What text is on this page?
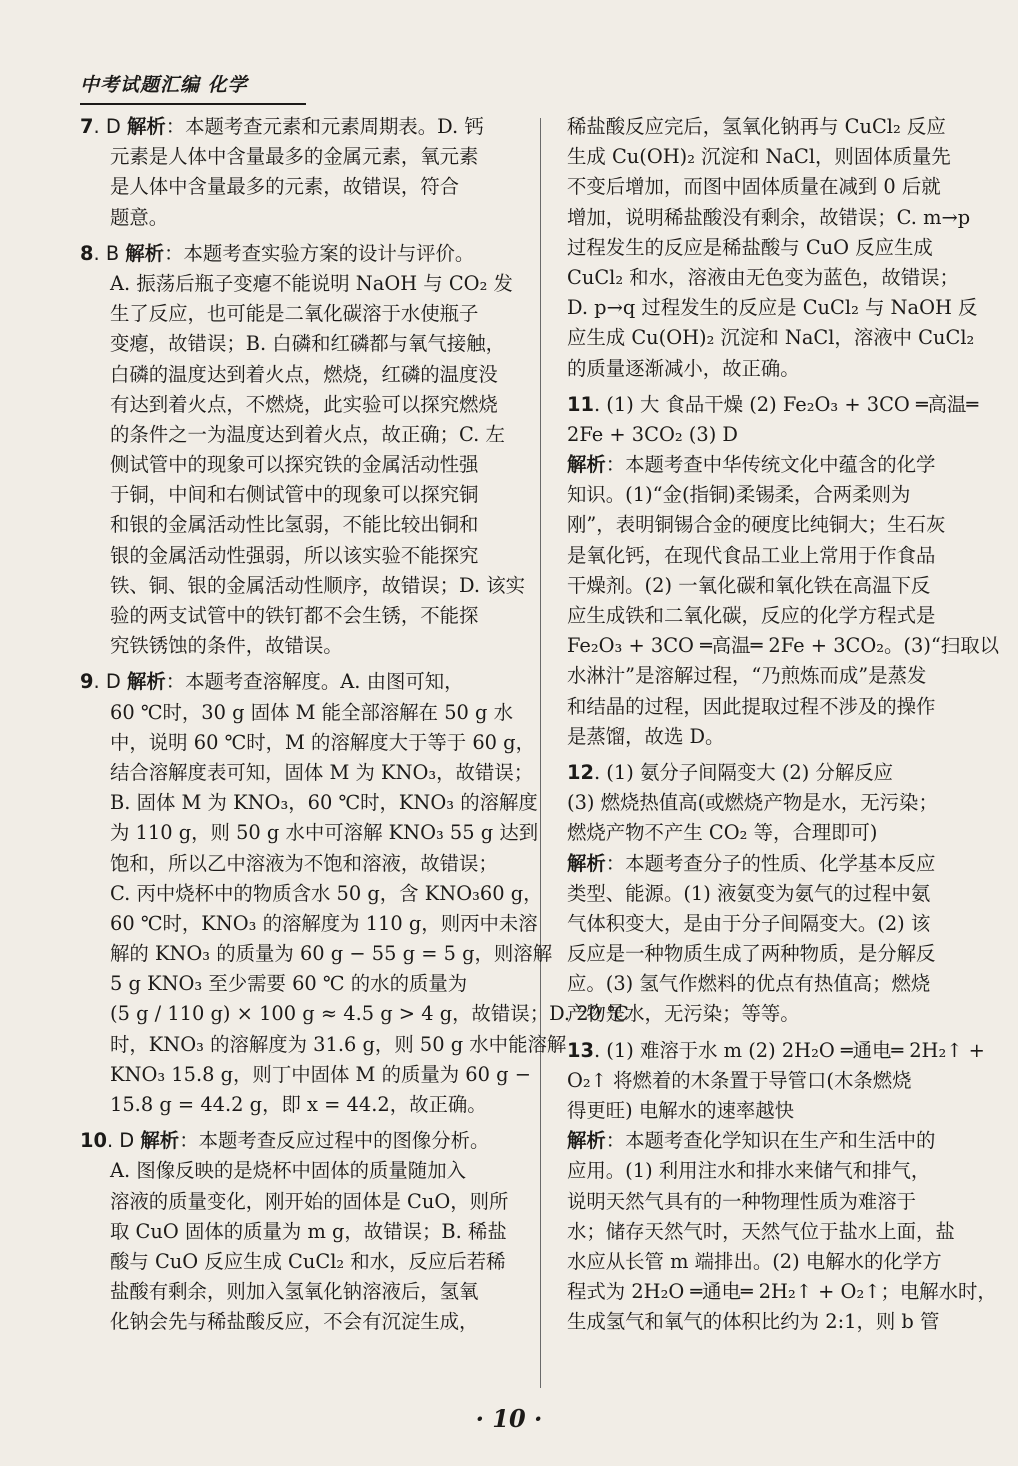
中考试题汇编 化学
7. D 解析：本题考查元素和元素周期表。D. 钙
元素是人体中含量最多的金属元素，氧元素
是人体中含量最多的元素，故错误，符合
题意。
8. B 解析：本题考查实验方案的设计与评价。
A. 振荡后瓶子变瘪不能说明 NaOH 与 CO₂ 发
生了反应，也可能是二氧化碳溶于水使瓶子
变瘪，故错误；B. 白磷和红磷都与氧气接触，
白磷的温度达到着火点，燃烧，红磷的温度没
有达到着火点，不燃烧，此实验可以探究燃烧
的条件之一为温度达到着火点，故正确；C. 左
侧试管中的现象可以探究铁的金属活动性强
于铜，中间和右侧试管中的现象可以探究铜
和银的金属活动性比氢弱，不能比较出铜和
银的金属活动性强弱，所以该实验不能探究
铁、铜、银的金属活动性顺序，故错误；D. 该实
验的两支试管中的铁钉都不会生锈，不能探
究铁锈蚀的条件，故错误。
9. D 解析：本题考查溶解度。A. 由图可知，
60 ℃时，30 g 固体 M 能全部溶解在 50 g 水
中，说明 60 ℃时，M 的溶解度大于等于 60 g，
结合溶解度表可知，固体 M 为 KNO₃，故错误；
B. 固体 M 为 KNO₃，60 ℃时，KNO₃ 的溶解度
为 110 g，则 50 g 水中可溶解 KNO₃ 55 g 达到
饱和，所以乙中溶液为不饱和溶液，故错误；
C. 丙中烧杯中的物质含水 50 g，含 KNO₃60 g，
60 ℃时，KNO₃ 的溶解度为 110 g，则丙中未溶
解的 KNO₃ 的质量为 60 g − 55 g = 5 g，则溶解
5 g KNO₃ 至少需要 60 ℃ 的水的质量为
(5 g / 110 g) × 100 g ≈ 4.5 g > 4 g，故错误；D. 20 ℃
时，KNO₃ 的溶解度为 31.6 g，则 50 g 水中能溶解
KNO₃ 15.8 g，则丁中固体 M 的质量为 60 g −
15.8 g = 44.2 g，即 x = 44.2，故正确。
10. D 解析：本题考查反应过程中的图像分析。
A. 图像反映的是烧杯中固体的质量随加入
溶液的质量变化，刚开始的固体是 CuO，则所
取 CuO 固体的质量为 m g，故错误；B. 稀盐
酸与 CuO 反应生成 CuCl₂ 和水，反应后若稀
盐酸有剩余，则加入氢氧化钠溶液后，氢氧
化钠会先与稀盐酸反应，不会有沉淀生成，
稀盐酸反应完后，氢氧化钠再与 CuCl₂ 反应
生成 Cu(OH)₂ 沉淀和 NaCl，则固体质量先
不变后增加，而图中固体质量在减到 0 后就
增加，说明稀盐酸没有剩余，故错误；C. m→p
过程发生的反应是稀盐酸与 CuO 反应生成
CuCl₂ 和水，溶液由无色变为蓝色，故错误；
D. p→q 过程发生的反应是 CuCl₂ 与 NaOH 反
应生成 Cu(OH)₂ 沉淀和 NaCl，溶液中 CuCl₂
的质量逐渐减小，故正确。
11. (1) 大 食品干燥 (2) Fe₂O₃ + 3CO ═高温═
2Fe + 3CO₂ (3) D
解析：本题考查中华传统文化中蕴含的化学
知识。(1)“金(指铜)柔锡柔，合两柔则为
刚”，表明铜锡合金的硬度比纯铜大；生石灰
是氧化钙，在现代食品工业上常用于作食品
干燥剂。(2) 一氧化碳和氧化铁在高温下反
应生成铁和二氧化碳，反应的化学方程式是
Fe₂O₃ + 3CO ═高温═ 2Fe + 3CO₂。(3)“扫取以
水淋汁”是溶解过程，“乃煎炼而成”是蒸发
和结晶的过程，因此提取过程不涉及的操作
是蒸馏，故选 D。
12. (1) 氨分子间隔变大 (2) 分解反应
(3) 燃烧热值高(或燃烧产物是水，无污染；
燃烧产物不产生 CO₂ 等，合理即可)
解析：本题考查分子的性质、化学基本反应
类型、能源。(1) 液氨变为氨气的过程中氨
气体积变大，是由于分子间隔变大。(2) 该
反应是一种物质生成了两种物质，是分解反
应。(3) 氢气作燃料的优点有热值高；燃烧
产物是水，无污染；等等。
13. (1) 难溶于水 m (2) 2H₂O ═通电═ 2H₂↑ +
O₂↑ 将燃着的木条置于导管口(木条燃烧
得更旺) 电解水的速率越快
解析：本题考查化学知识在生产和生活中的
应用。(1) 利用注水和排水来储气和排气，
说明天然气具有的一种物理性质为难溶于
水；储存天然气时，天然气位于盐水上面，盐
水应从长管 m 端排出。(2) 电解水的化学方
程式为 2H₂O ═通电═ 2H₂↑ + O₂↑；电解水时，
生成氢气和氧气的体积比约为 2:1，则 b 管
· 10 ·
